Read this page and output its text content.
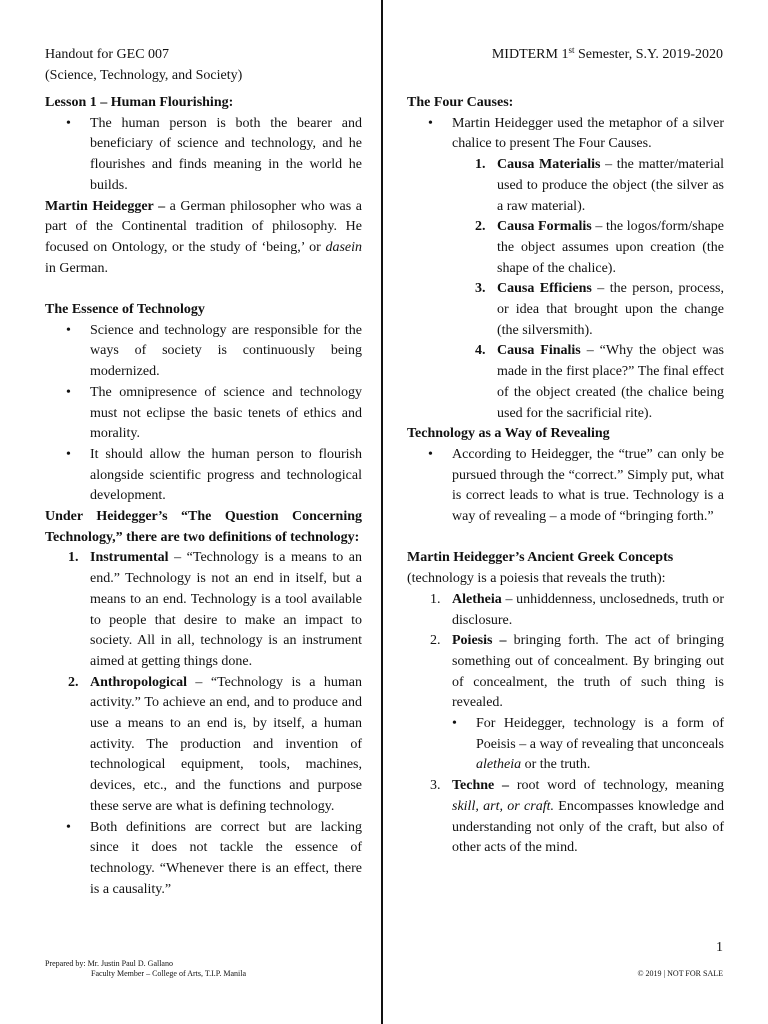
Handout for GEC 007
(Science, Technology, and Society)
MIDTERM 1st Semester, S.Y. 2019-2020

Lesson 1 – Human Flourishing:

• The human person is both the bearer and beneficiary of science and technology, and he flourishes and finds meaning in the world he builds.

Martin Heidegger – a German philosopher who was a part of the Continental tradition of philosophy. He focused on Ontology, or the study of ‘being,’ or dasein in German.

The Essence of Technology

• Science and technology are responsible for the ways of society is continuously being modernized.
• The omnipresence of science and technology must not eclipse the basic tenets of ethics and morality.
• It should allow the human person to flourish alongside scientific progress and technological development.

Under Heidegger’s “The Question Concerning Technology,” there are two definitions of technology:

1. Instrumental – “Technology is a means to an end.” Technology is not an end in itself, but a means to an end. Technology is a tool available to people that desire to make an impact to society. All in all, technology is an instrument aimed at getting things done.
2. Anthropological – “Technology is a human activity.” To achieve an end, and to produce and use a means to an end is, by itself, a human activity. The production and invention of technological equipment, tools, machines, devices, etc., and the functions and purpose these serve are what is defining technology.
• Both definitions are correct but are lacking since it does not tackle the essence of technology. “Whenever there is an effect, there is a causality.”

The Four Causes:

• Martin Heidegger used the metaphor of a silver chalice to present The Four Causes.
1. Causa Materialis – the matter/material used to produce the object (the silver as a raw material).
2. Causa Formalis – the logos/form/shape the object assumes upon creation (the shape of the chalice).
3. Causa Efficiens – the person, process, or idea that brought upon the change (the silversmith).
4. Causa Finalis – “Why the object was made in the first place?” The final effect of the object created (the chalice being used for the sacrificial rite).

Technology as a Way of Revealing

• According to Heidegger, the “true” can only be pursued through the “correct.” Simply put, what is correct leads to what is true. Technology is a way of revealing – a mode of “bringing forth.”

Martin Heidegger’s Ancient Greek Concepts

(technology is a poiesis that reveals the truth):

1. Aletheia – unhiddenness, unclosedneds, truth or disclosure.
2. Poiesis – bringing forth. The act of bringing something out of concealment. By bringing out of concealment, the truth of such thing is revealed.
• For Heidegger, technology is a form of Poeisis – a way of revealing that unconceals aletheia or the truth.
3. Techne – root word of technology, meaning skill, art, or craft. Encompasses knowledge and understanding not only of the craft, but also of other acts of the mind.
1
Prepared by: Mr. Justin Paul D. Gallano
Faculty Member – College of Arts, T.I.P. Manila	© 2019 | NOT FOR SALE
